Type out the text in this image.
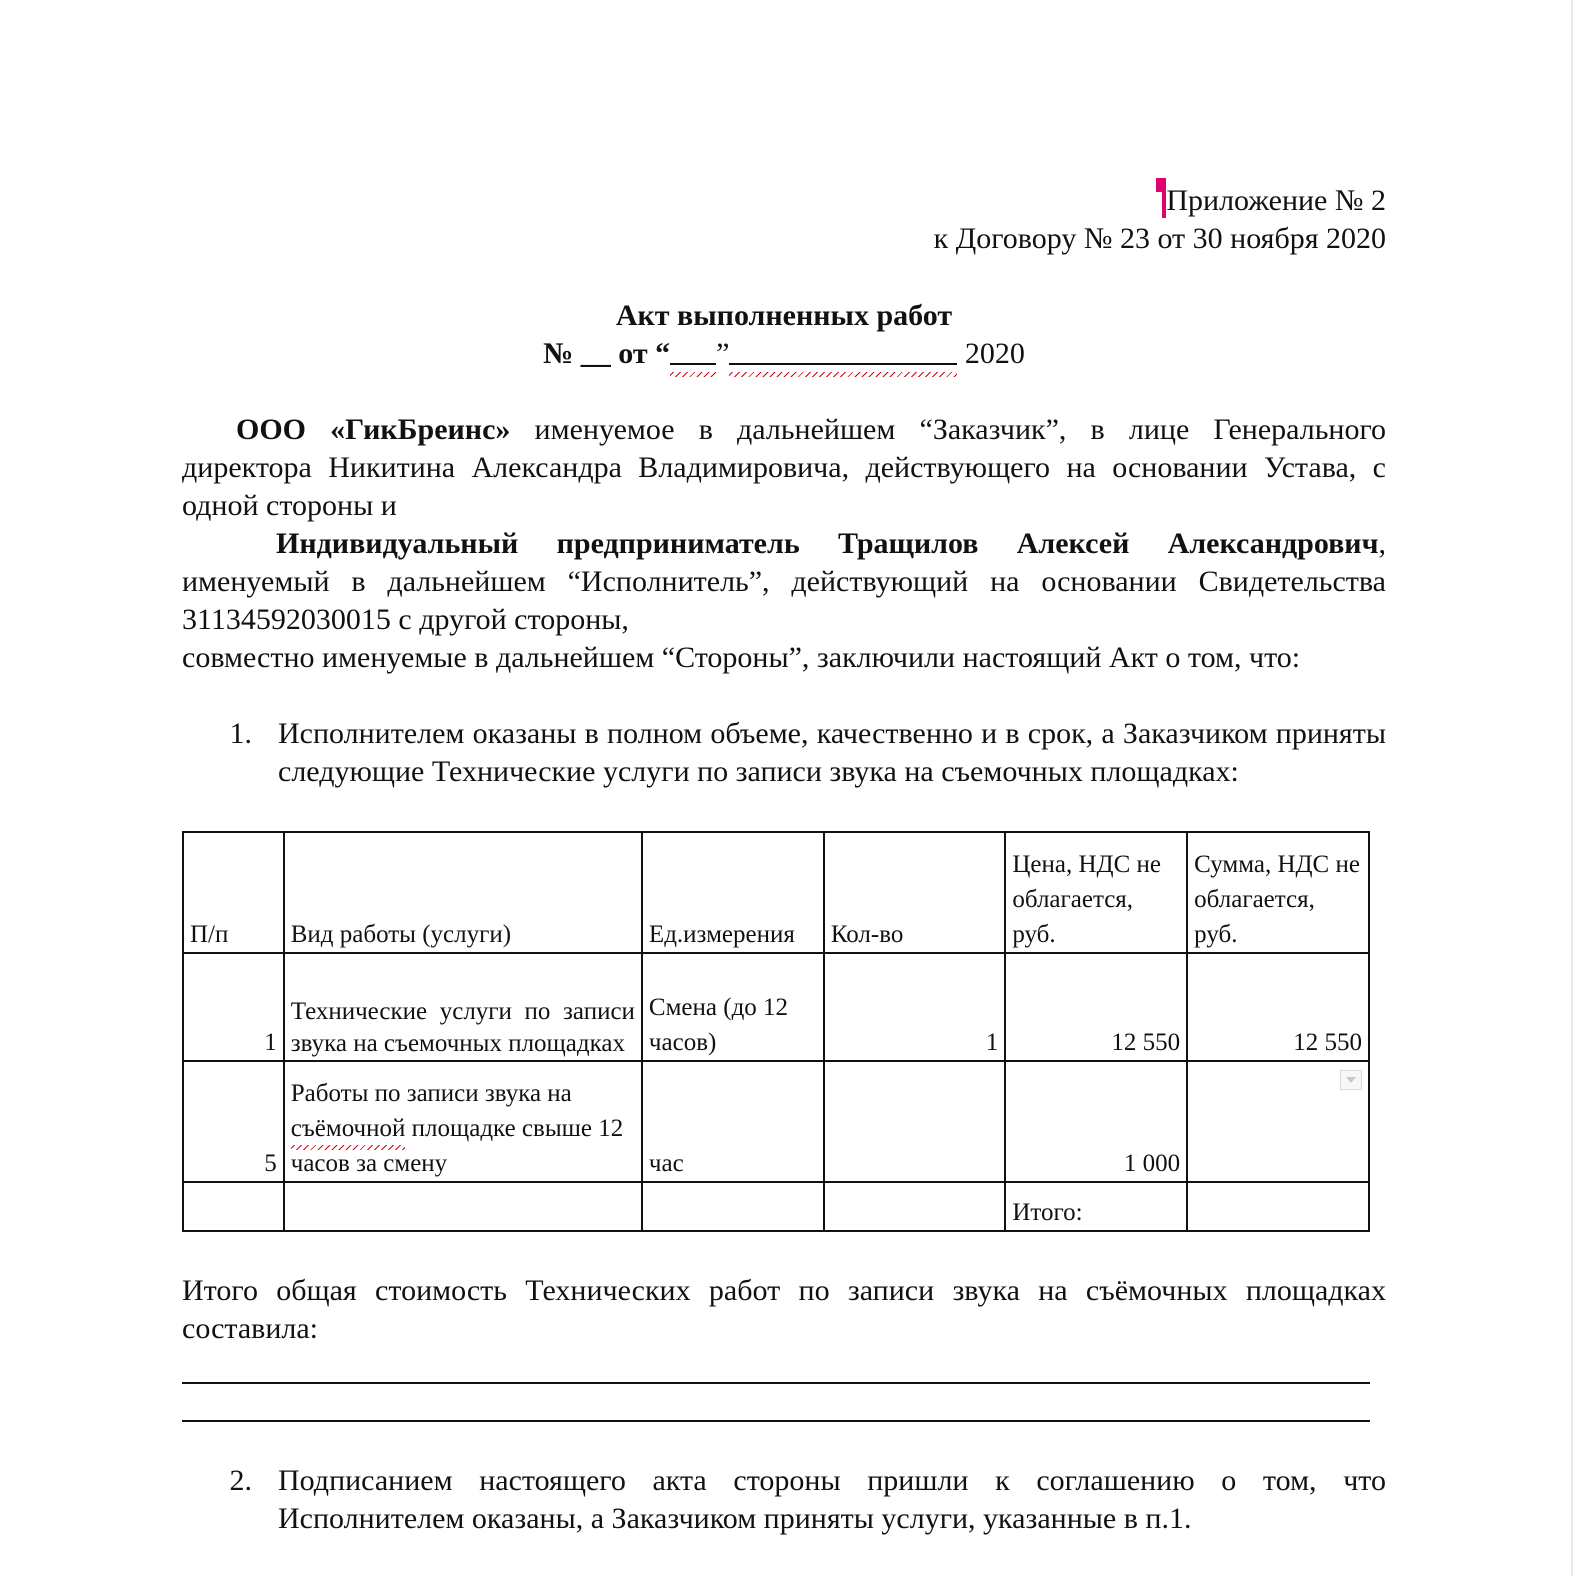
Приложение № 2
к Договору № 23 от 30 ноября 2020
Акт выполненных работ
№ __ от “ ”	2020
ООО «ГикБреинс» именуемое в дальнейшем “Заказчик”, в лице Генерального директора Никитина Александра Владимировича, действующего на основании Устава, с одной стороны и
Индивидуальный предприниматель Тращилов Алексей Александрович, именуемый в дальнейшем “Исполнитель”, действующий на основании Свидетельства 31134592030015 с другой стороны,
совместно именуемые в дальнейшем “Стороны”, заключили настоящий Акт о том, что:
1. Исполнителем оказаны в полном объеме, качественно и в срок, а Заказчиком приняты следующие Технические услуги по записи звука на съемочных площадках:
П/п	Вид работы (услуги)	Ед.измерения	Кол-во	Цена, НДС не облагается, руб.	Сумма, НДС не облагается, руб.
1	Технические услуги по записи звука на съемочных площадках	Смена (до 12 часов)	1	12 550	12 550
5	Работы по записи звука на съёмочной площадке свыше 12 часов за смену	час		1 000	

				Итого:	
Итого общая стоимость Технических работ по записи звука на съёмочных площадках составила:
2. Подписанием настоящего акта стороны пришли к соглашению о том, что Исполнителем оказаны, а Заказчиком приняты услуги, указанные в п.1.
